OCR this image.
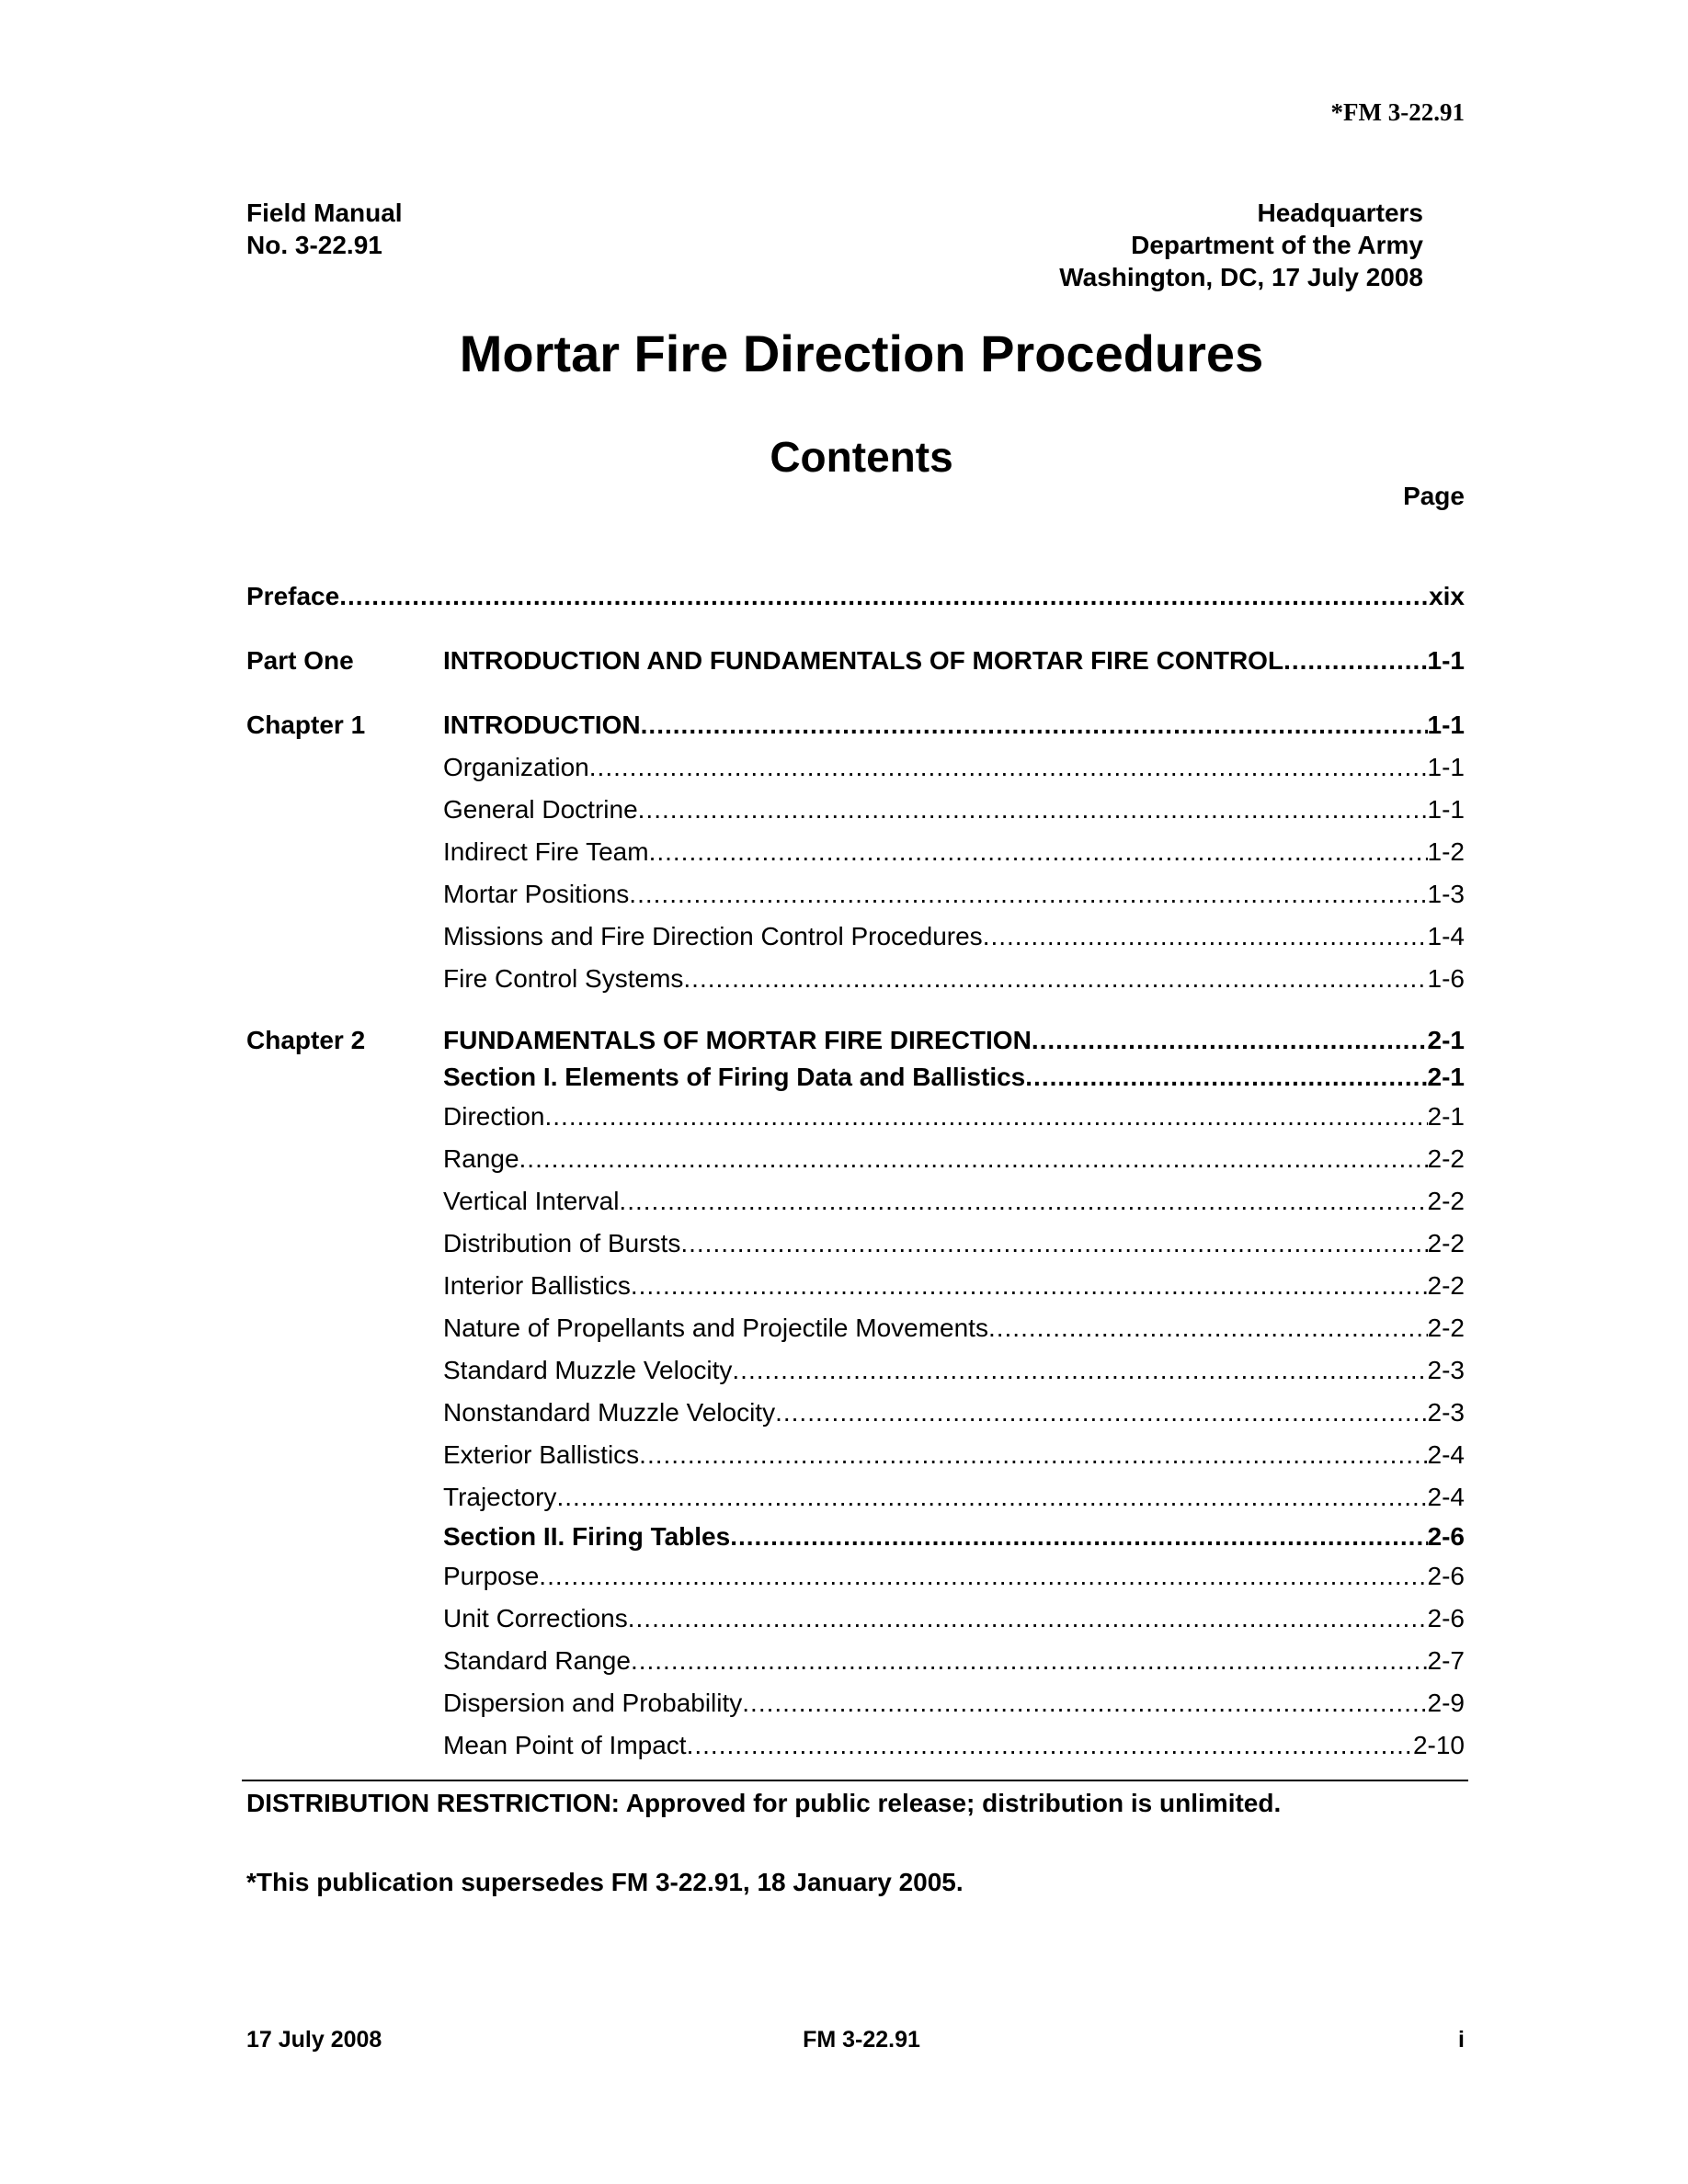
*FM 3-22.91
Field Manual
No. 3-22.91
Headquarters
Department of the Army
Washington, DC, 17 July 2008
Mortar Fire Direction Procedures
Contents
Page
Preface .....	xix
Part One	INTRODUCTION AND FUNDAMENTALS OF MORTAR FIRE CONTROL .....	1-1
Chapter 1	INTRODUCTION .....	1-1
Organization .....	1-1
General Doctrine .....	1-1
Indirect Fire Team .....	1-2
Mortar Positions .....	1-3
Missions and Fire Direction Control Procedures .....	1-4
Fire Control Systems .....	1-6
Chapter 2	FUNDAMENTALS OF MORTAR FIRE DIRECTION .....	2-1
Section I. Elements of Firing Data and Ballistics .....	2-1
Direction .....	2-1
Range .....	2-2
Vertical Interval .....	2-2
Distribution of Bursts .....	2-2
Interior Ballistics .....	2-2
Nature of Propellants and Projectile Movements .....	2-2
Standard Muzzle Velocity .....	2-3
Nonstandard Muzzle Velocity .....	2-3
Exterior Ballistics .....	2-4
Trajectory .....	2-4
Section II. Firing Tables .....	2-6
Purpose .....	2-6
Unit Corrections .....	2-6
Standard Range .....	2-7
Dispersion and Probability .....	2-9
Mean Point of Impact .....	2-10
DISTRIBUTION RESTRICTION: Approved for public release; distribution is unlimited.
*This publication supersedes FM 3-22.91, 18 January 2005.
17 July 2008	FM 3-22.91	i
